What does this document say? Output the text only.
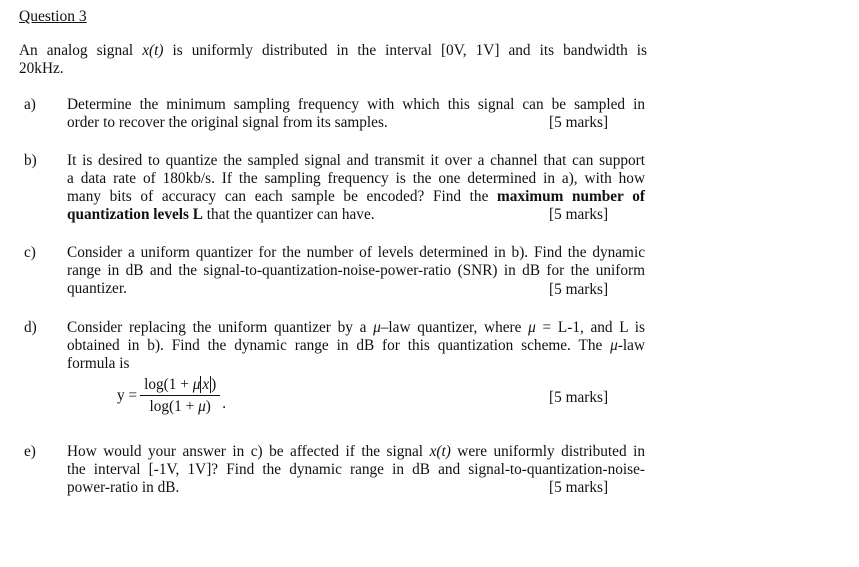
Question 3
An analog signal x(t) is uniformly distributed in the interval [0V, 1V] and its bandwidth is
20kHz.
a) Determine the minimum sampling frequency with which this signal can be sampled in
order to recover the original signal from its samples.	[5 marks]
b) It is desired to quantize the sampled signal and transmit it over a channel that can support
a data rate of 180kb/s. If the sampling frequency is the one determined in a), with how
many bits of accuracy can each sample be encoded? Find the maximum number of
quantization levels L that the quantizer can have.	[5 marks]
c) Consider a uniform quantizer for the number of levels determined in b). Find the dynamic
range in dB and the signal-to-quantization-noise-power-ratio (SNR) in dB for the uniform
quantizer.	[5 marks]
d) Consider replacing the uniform quantizer by a μ–law quantizer, where μ = L-1, and L is
obtained in b). Find the dynamic range in dB for this quantization scheme. The μ-law
formula is
$y = \frac{\text{log(1 + μ x )}}{\log(1 + \mu)}$ .	[5 marks]
e) How would your answer in c) be affected if the signal x(t) were uniformly distributed in
the interval [-1V, 1V]? Find the dynamic range in dB and signal-to-quantization-noise-
power-ratio in dB.	[5 marks]
